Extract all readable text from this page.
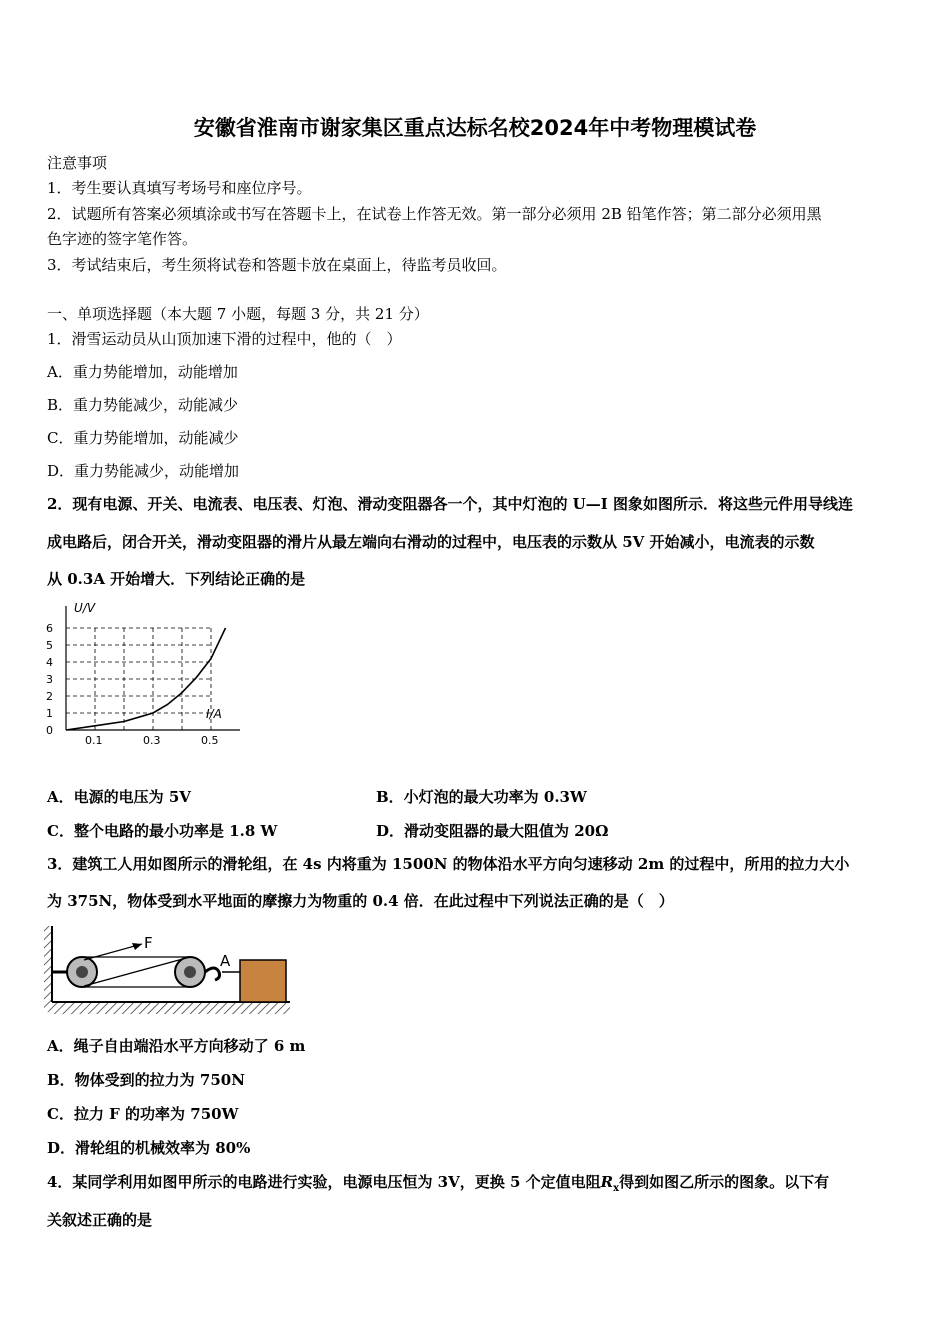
安徽省淮南市谢家集区重点达标名校2024年中考物理模试卷
注意事项
1．考生要认真填写考场号和座位序号。
2．试题所有答案必须填涂或书写在答题卡上，在试卷上作答无效。第一部分必须用 2B 铅笔作答；第二部分必须用黑
色字迹的签字笔作答。
3．考试结束后，考生须将试卷和答题卡放在桌面上，待监考员收回。
一、单项选择题（本大题 7 小题，每题 3 分，共 21 分）
1．滑雪运动员从山顶加速下滑的过程中，他的（　）
A．重力势能增加，动能增加
B．重力势能减少，动能减少
C．重力势能增加，动能减少
D．重力势能减少，动能增加
2．现有电源、开关、电流表、电压表、灯泡、滑动变阻器各一个，其中灯泡的 U—I 图象如图所示．将这些元件用导线连
成电路后，闭合开关，滑动变阻器的滑片从最左端向右滑动的过程中，电压表的示数从 5V 开始减小，电流表的示数
从 0.3A 开始增大．下列结论正确的是
0
1
2
3
4
5
6
0.1	0.3	0.5
U/V
I/A
A．电源的电压为 5V	B．小灯泡的最大功率为 0.3W
C．整个电路的最小功率是 1.8 W	D．滑动变阻器的最大阻值为 20Ω
3．建筑工人用如图所示的滑轮组，在 4s 内将重为 1500N 的物体沿水平方向匀速移动 2m 的过程中，所用的拉力大小
为 375N，物体受到水平地面的摩擦力为物重的 0.4 倍．在此过程中下列说法正确的是（　）
F
A
A．绳子自由端沿水平方向移动了 6 m
B．物体受到的拉力为 750N
C．拉力 F 的功率为 750W
D．滑轮组的机械效率为 80%
4．某同学利用如图甲所示的电路进行实验，电源电压恒为 3V，更换 5 个定值电阻$R_x$得到如图乙所示的图象。以下有
关叙述正确的是
